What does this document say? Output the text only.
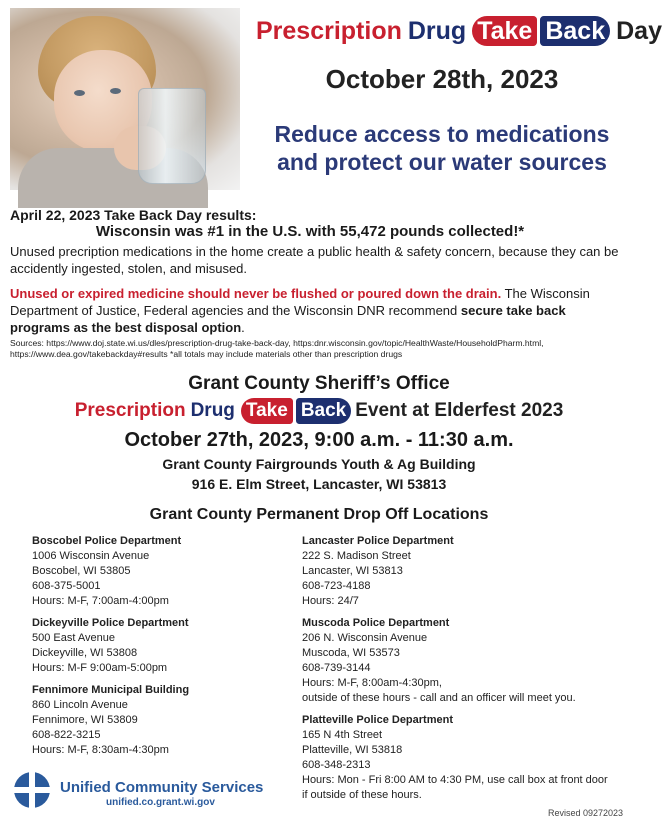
Prescription Drug Take Back Day
October 28th, 2023
Reduce access to medications
and protect our water sources
April 22, 2023 Take Back Day results:
Wisconsin was #1 in the U.S. with 55,472 pounds collected!*
Unused precription medications in the home create a public health & safety concern, because they can be accidently ingested, stolen, and misused.
Unused or expired medicine should never be flushed or poured down the drain. The Wisconsin Department of Justice, Federal agencies and the Wisconsin DNR recommend secure take back programs as the best disposal option.
Sources: https://www.doj.state.wi.us/dles/prescription-drug-take-back-day, https:dnr.wisconsin.gov/topic/HealthWaste/HouseholdPharm.html, https://www.dea.gov/takebackday#results *all totals may include materials other than prescription drugs
Grant County Sheriff’s Office
Prescription Drug Take Back Event at Elderfest 2023
October 27th, 2023, 9:00 a.m. - 11:30 a.m.
Grant County Fairgrounds Youth & Ag Building
916 E. Elm Street, Lancaster, WI 53813
Grant County Permanent Drop Off Locations
Boscobel Police Department
1006 Wisconsin Avenue
Boscobel, WI 53805
608-375-5001
Hours: M-F, 7:00am-4:00pm
Dickeyville Police Department
500 East Avenue
Dickeyville, WI 53808
Hours: M-F 9:00am-5:00pm
Fennimore Municipal Building
860 Lincoln Avenue
Fennimore, WI 53809
608-822-3215
Hours: M-F, 8:30am-4:30pm
Lancaster Police Department
222 S. Madison Street
Lancaster, WI 53813
608-723-4188
Hours: 24/7
Muscoda Police Department
206 N. Wisconsin Avenue
Muscoda, WI 53573
608-739-3144
Hours: M-F, 8:00am-4:30pm,
outside of these hours - call and an officer will meet you.
Platteville Police Department
165 N 4th Street
Platteville, WI 53818
608-348-2313
Hours: Mon - Fri 8:00 AM to 4:30 PM, use call box at front door if outside of these hours.
Unified Community Services
unified.co.grant.wi.gov
Revised 09272023
